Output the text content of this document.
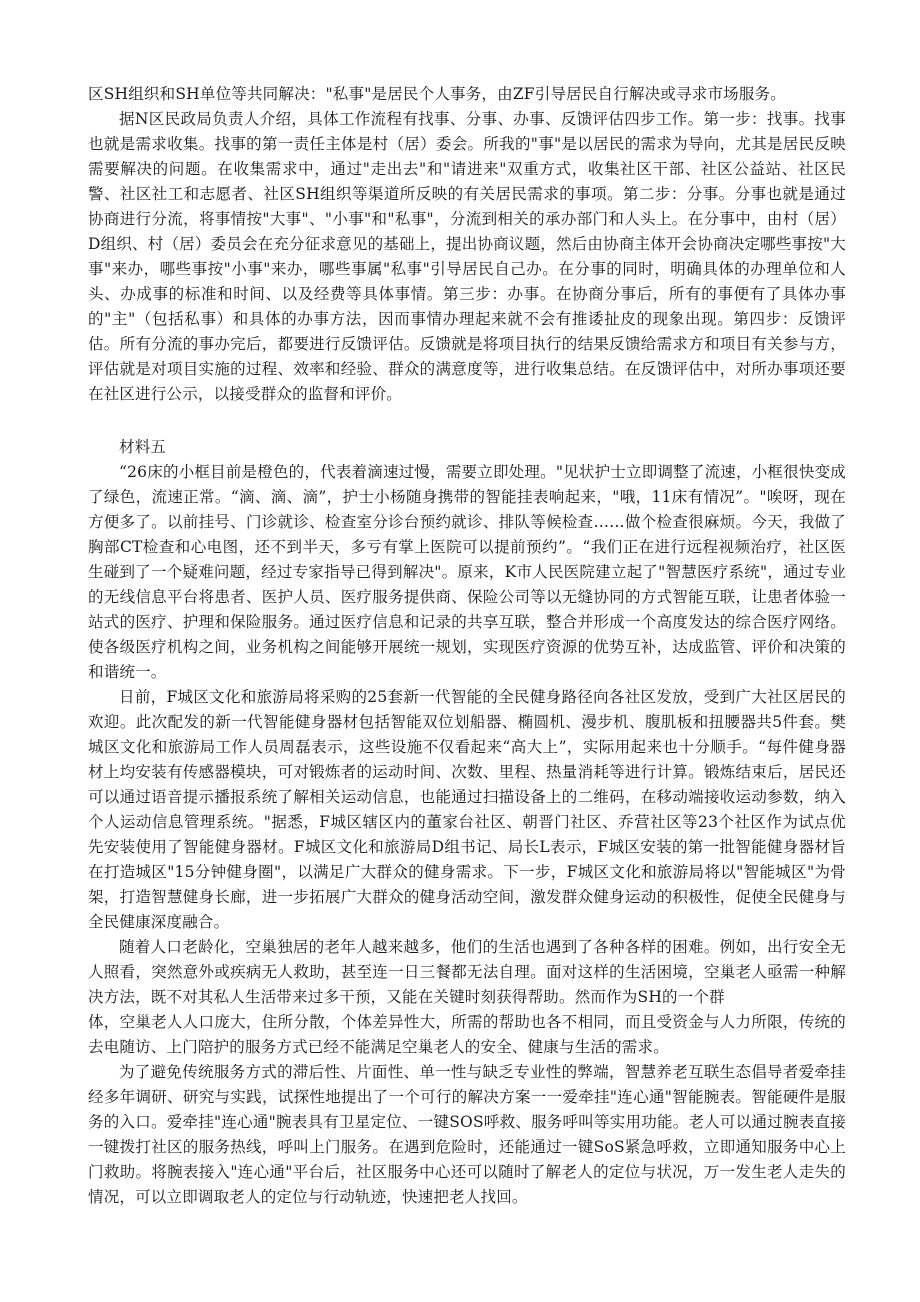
区SH组织和SH单位等共同解决："私事"是居民个人事务，由ZF引导居民自行解决或寻求市场服务。

据N区民政局负责人介绍，具体工作流程有找事、分事、办事、反馈评估四步工作。第一步：找事。找事也就是需求收集。找事的第一责任主体是村（居）委会。所我的"事"是以居民的需求为导向，尤其是居民反映需要解决的问题。在收集需求中，通过"走出去"和"请进来"双重方式，收集社区干部、社区公益站、社区民警、社区社工和志愿者、社区SH组织等渠道所反映的有关居民需求的事项。第二步：分事。分事也就是通过协商进行分流，将事情按"大事"、"小事"和"私事"，分流到相关的承办部门和人头上。在分事中，由村（居）D组织、村（居）委员会在充分征求意见的基础上，提出协商议题，然后由协商主体开会协商决定哪些事按"大事"来办，哪些事按"小事"来办，哪些事属"私事"引导居民自己办。在分事的同时，明确具体的办理单位和人头、办成事的标准和时间、以及经费等具体事情。第三步：办事。在协商分事后，所有的事便有了具体办事的"主"（包括私事）和具体的办事方法，因而事情办理起来就不会有推诿扯皮的现象出现。第四步：反馈评估。所有分流的事办完后，都要进行反馈评估。反馈就是将项目执行的结果反馈给需求方和项目有关参与方，评估就是对项目实施的过程、效率和经验、群众的满意度等，进行收集总结。在反馈评估中，对所办事项还要在社区进行公示，以接受群众的监督和评价。

材料五

“26床的小框目前是橙色的，代表着滴速过慢，需要立即处理。"见状护士立即调整了流速，小框很快变成了绿色，流速正常。“滴、滴、滴”，护士小杨随身携带的智能挂表响起来，"哦，11床有情况”。"唉呀，现在方便多了。以前挂号、门诊就诊、检查室分诊台预约就诊、排队等候检查……做个检查很麻烦。今天，我做了胸部CT检查和心电图，还不到半天，多亏有掌上医院可以提前预约”。“我们正在进行远程视频治疗，社区医生碰到了一个疑难问题，经过专家指导已得到解决"。原来，K市人民医院建立起了"智慧医疗系统"，通过专业的无线信息平台将患者、医护人员、医疗服务提供商、保险公司等以无缝协同的方式智能互联，让患者体验一站式的医疗、护理和保险服务。通过医疗信息和记录的共享互联，整合并形成一个高度发达的综合医疗网络。使各级医疗机构之间，业务机构之间能够开展统一规划，实现医疗资源的优势互补，达成监管、评价和决策的和谐统一。

日前，F城区文化和旅游局将采购的25套新一代智能的全民健身路径向各社区发放，受到广大社区居民的欢迎。此次配发的新一代智能健身器材包括智能双位划船器、椭圆机、漫步机、腹肌板和扭腰器共5件套。樊城区文化和旅游局工作人员周磊表示，这些设施不仅看起来“高大上”，实际用起来也十分顺手。“每件健身器材上均安装有传感器模块，可对锻炼者的运动时间、次数、里程、热量消耗等进行计算。锻炼结束后，居民还可以通过语音提示播报系统了解相关运动信息，也能通过扫描设备上的二维码，在移动端接收运动参数，纳入个人运动信息管理系统。"据悉，F城区辖区内的董家台社区、朝晋门社区、乔营社区等23个社区作为试点优先安装使用了智能健身器材。F城区文化和旅游局D组书记、局长L表示，F城区安装的第一批智能健身器材旨在打造城区"15分钟健身圈"，以满足广大群众的健身需求。下一步，F城区文化和旅游局将以"智能城区"为骨架，打造智慧健身长廊，进一步拓展广大群众的健身活动空间，激发群众健身运动的积极性，促使全民健身与全民健康深度融合。

随着人口老龄化，空巢独居的老年人越来越多，他们的生活也遇到了各种各样的困难。例如，出行安全无人照看，突然意外或疾病无人救助，甚至连一日三餐都无法自理。面对这样的生活困境，空巢老人亟需一种解决方法，既不对其私人生活带来过多干预，又能在关键时刻获得帮助。然而作为SH的一个群

体，空巢老人人口庞大，住所分散，个体差异性大，所需的帮助也各不相同，而且受资金与人力所限，传统的去电随访、上门陪护的服务方式已经不能满足空巢老人的安全、健康与生活的需求。

为了避免传统服务方式的滞后性、片面性、单一性与缺乏专业性的弊端，智慧养老互联生态倡导者爱牵挂经多年调研、研究与实践，试探性地提出了一个可行的解决方案一一爱牵挂"连心通"智能腕表。智能硬件是服务的入口。爱牵挂"连心通"腕表具有卫星定位、一键SOS呼救、服务呼叫等实用功能。老人可以通过腕表直接一键拨打社区的服务热线，呼叫上门服务。在遇到危险时，还能通过一键SoS紧急呼救，立即通知服务中心上门救助。将腕表接入"连心通"平台后，社区服务中心还可以随时了解老人的定位与状况，万一发生老人走失的情况，可以立即调取老人的定位与行动轨迹，快速把老人找回。
